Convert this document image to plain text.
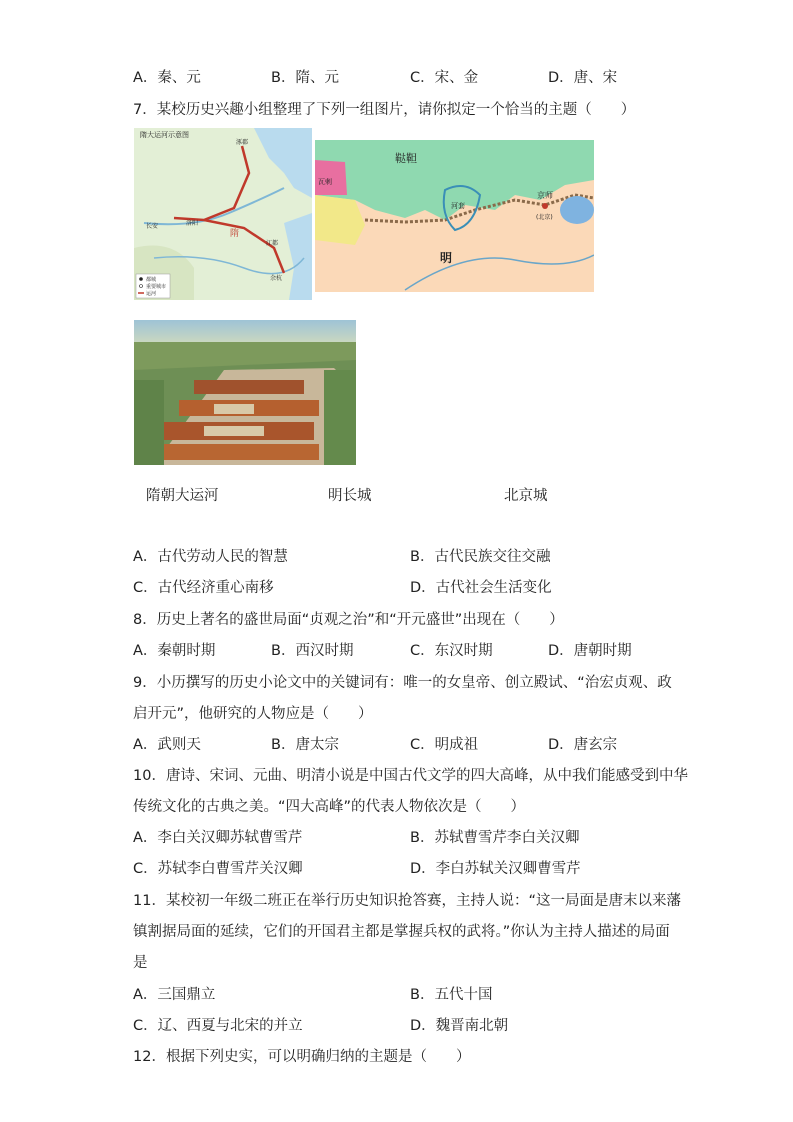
A．秦、元	B．隋、元	C．宋、金	D．唐、宋
7．某校历史兴趣小组整理了下列一组图片，请你拟定一个恰当的主题（　　）
隋大运河示意图
隋
涿郡
长安	洛阳
江都
余杭
都城
重要城市
运河
鞑靼
瓦剌
河套
京师
(北京)
明
隋朝大运河	明长城	北京城
A．古代劳动人民的智慧	B．古代民族交往交融
C．古代经济重心南移	D．古代社会生活变化
8．历史上著名的盛世局面“贞观之治”和“开元盛世”出现在（　　）
A．秦朝时期	B．西汉时期	C．东汉时期	D．唐朝时期
9．小历撰写的历史小论文中的关键词有：唯一的女皇帝、创立殿试、“治宏贞观、政
启开元”，他研究的人物应是（　　）
A．武则天	B．唐太宗	C．明成祖	D．唐玄宗
10．唐诗、宋词、元曲、明清小说是中国古代文学的四大高峰，从中我们能感受到中华
传统文化的古典之美。“四大高峰”的代表人物依次是（　　）
A．李白关汉卿苏轼曹雪芹	B．苏轼曹雪芹李白关汉卿
C．苏轼李白曹雪芹关汉卿	D．李白苏轼关汉卿曹雪芹
11．某校初一年级二班正在举行历史知识抢答赛，主持人说：“这一局面是唐末以来藩
镇割据局面的延续，它们的开国君主都是掌握兵权的武将。”你认为主持人描述的局面
是
A．三国鼎立	B．五代十国
C．辽、西夏与北宋的并立	D．魏晋南北朝
12．根据下列史实，可以明确归纳的主题是（　　）
